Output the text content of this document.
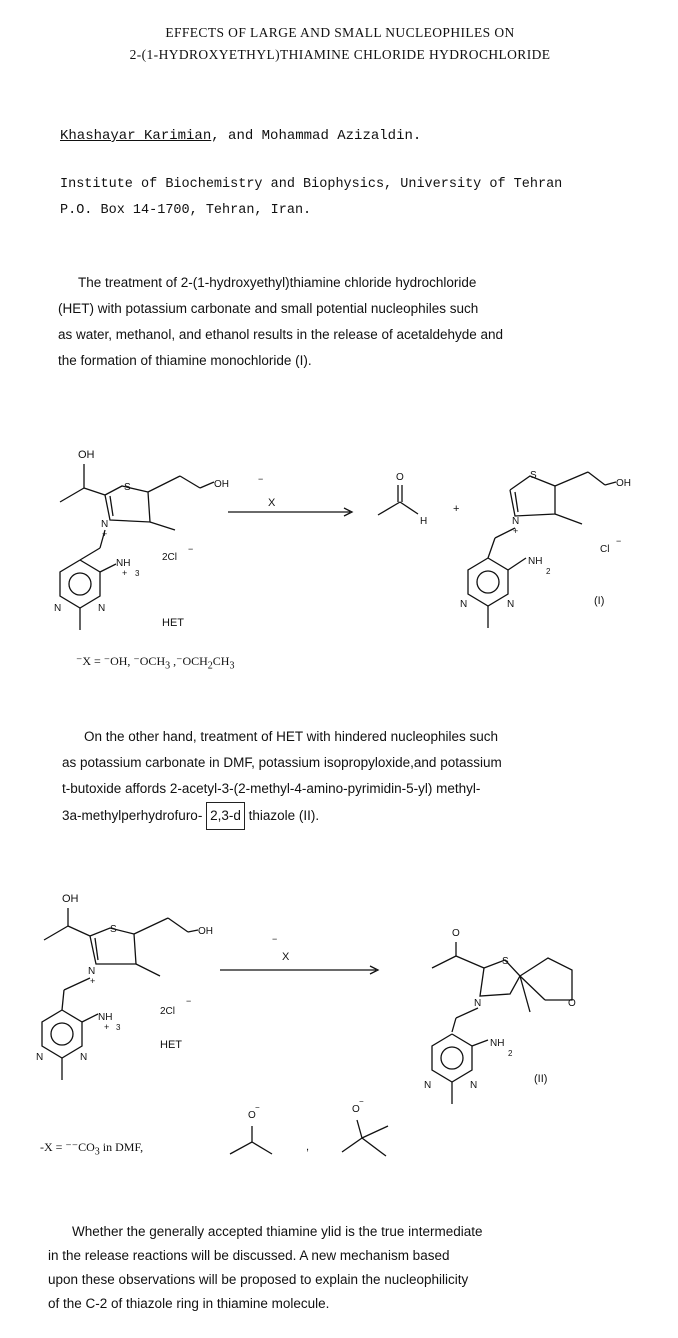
EFFECTS OF LARGE AND SMALL NUCLEOPHILES ON
2-(1-HYDROXYETHYL)THIAMINE CHLORIDE HYDROCHLORIDE
Khashayar Karimian, and Mohammad Azizaldin.
Institute of Biochemistry and Biophysics, University of Tehran
P.O. Box 14-1700, Tehran, Iran.
The treatment of 2-(1-hydroxyethyl)thiamine chloride hydrochloride
(HET) with potassium carbonate and small potential nucleophiles such
as water, methanol, and ethanol results in the release of acetaldehyde and
the formation of thiamine monochloride (I).
OH
S	OH
N
+
NH
3
+
2Cl
−
N	N
HET
−
X
O
H
+
S
OH
N
+
NH
2
Cl
−
N	N	(I)
⁻X = ⁻OH, $^-OCH_3$ $,^-OCH_2CH_3$
On the other hand, treatment of HET with hindered nucleophiles such
as potassium carbonate in DMF, potassium isopropyloxide,and potassium
t-butoxide affords 2-acetyl-3-(2-methyl-4-amino-pyrimidin-5-yl) methyl-
3a-methylperhydrofuro- 2,3-d thiazole (II).
OH
S	OH
N
+
NH
3
+
2Cl
−
HET
N	N
−
X
O
S
O
N
NH
2
(II)
N	N
O
−
,
O
−
$-X = ^{--}CO_3$ in DMF,
Whether the generally accepted thiamine ylid is the true intermediate
in the release reactions will be discussed. A new mechanism based
upon these observations will be proposed to explain the nucleophilicity
of the C-2 of thiazole ring in thiamine molecule.
